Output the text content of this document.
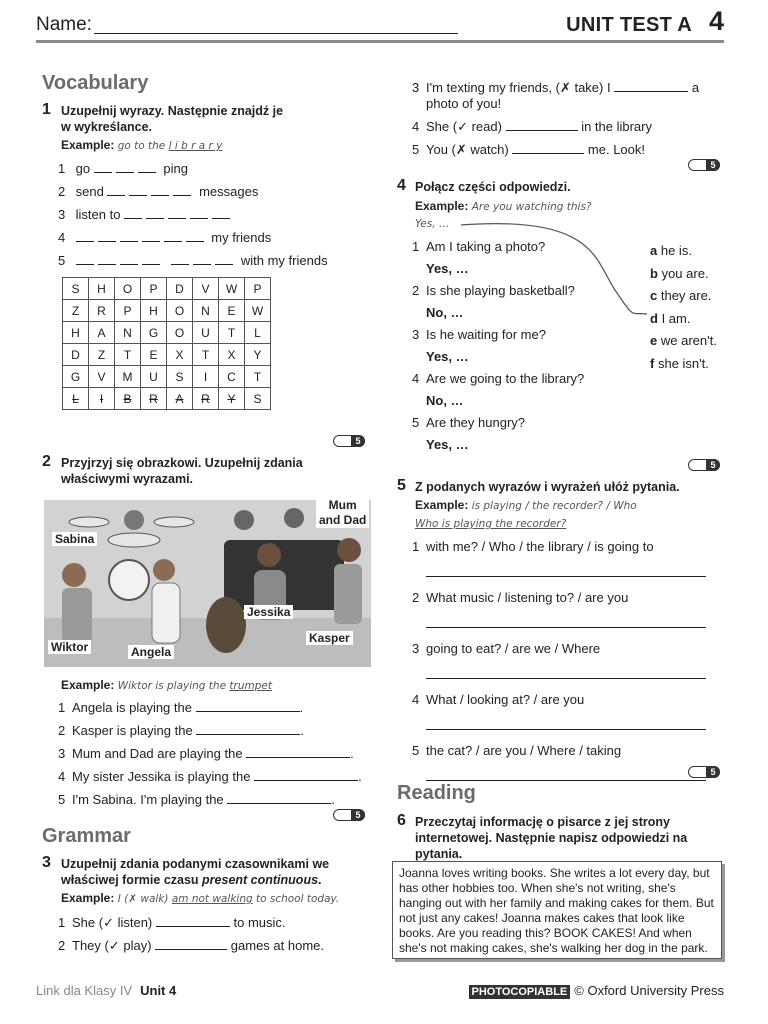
Name:	UNIT TEST A 4
Vocabulary
1 Uzupełnij wyrazy. Następnie znajdź je
w wykreślance.
Example: go to the l i b r a r y
1 go	ping
2 send	messages
3 listen to
4	my friends
5	with my friends
S	H	O	P	D	V	W	P
Z	R	P	H	O	N	E	W
H	A	N	G	O	U	T	L
D	Z	T	E	X	T	X	Y
G	V	M	U	S	I	C	T
L	I	B	R	A	R	Y	S
5
2 Przyjrzyj się obrazkowi. Uzupełnij zdania
właściwymi wyrazami.
Sabina
Mum
and Dad
Jessika
Kasper
Wiktor	Angela
Example: Wiktor is playing the trumpet
1 Angela is playing the	.
2 Kasper is playing the	.
3 Mum and Dad are playing the	.
4 My sister Jessika is playing the	.
5 I'm Sabina. I'm playing the	.
5
Grammar
3 Uzupełnij zdania podanymi czasownikami we
właściwej formie czasu present continuous.
Example: I (✗ walk) am not walking to school today.
1 She (✓ listen)	to music.
2 They (✓ play)	games at home.
3 I'm texting my friends, (✗ take) I	a
photo of you!
4 She (✓ read)	in the library
5 You (✗ watch)	me. Look!
5
4 Połącz części odpowiedzi.
Example: Are you watching this?
Yes, …
1 Am I taking a photo?
Yes, …
2 Is she playing basketball?
No, …
3 Is he waiting for me?
Yes, …
4 Are we going to the library?
No, …
5 Are they hungry?
Yes, …
a he is.
b you are.
c they are.
d I am.
e we aren't.
f she isn't.
5
5 Z podanych wyrazów i wyrażeń ułóż pytania.
Example: is playing / the recorder? / Who
Who is playing the recorder?
1 with me? / Who / the library / is going to
2 What music / listening to? / are you
3 going to eat? / are we / Where
4 What / looking at? / are you
5 the cat? / are you / Where / taking
5
Reading
6 Przeczytaj informację o pisarce z jej strony
internetowej. Następnie napisz odpowiedzi na
pytania.
Joanna loves writing books. She writes a lot every day, but has other hobbies too. When she's not writing, she's hanging out with her family and making cakes for them. But not just any cakes! Joanna makes cakes that look like books. Are you reading this? BOOK CAKES! And when she's not making cakes, she's walking her dog in the park.
Link dla Klasy IV Unit 4	PHOTOCOPIABLE © Oxford University Press
